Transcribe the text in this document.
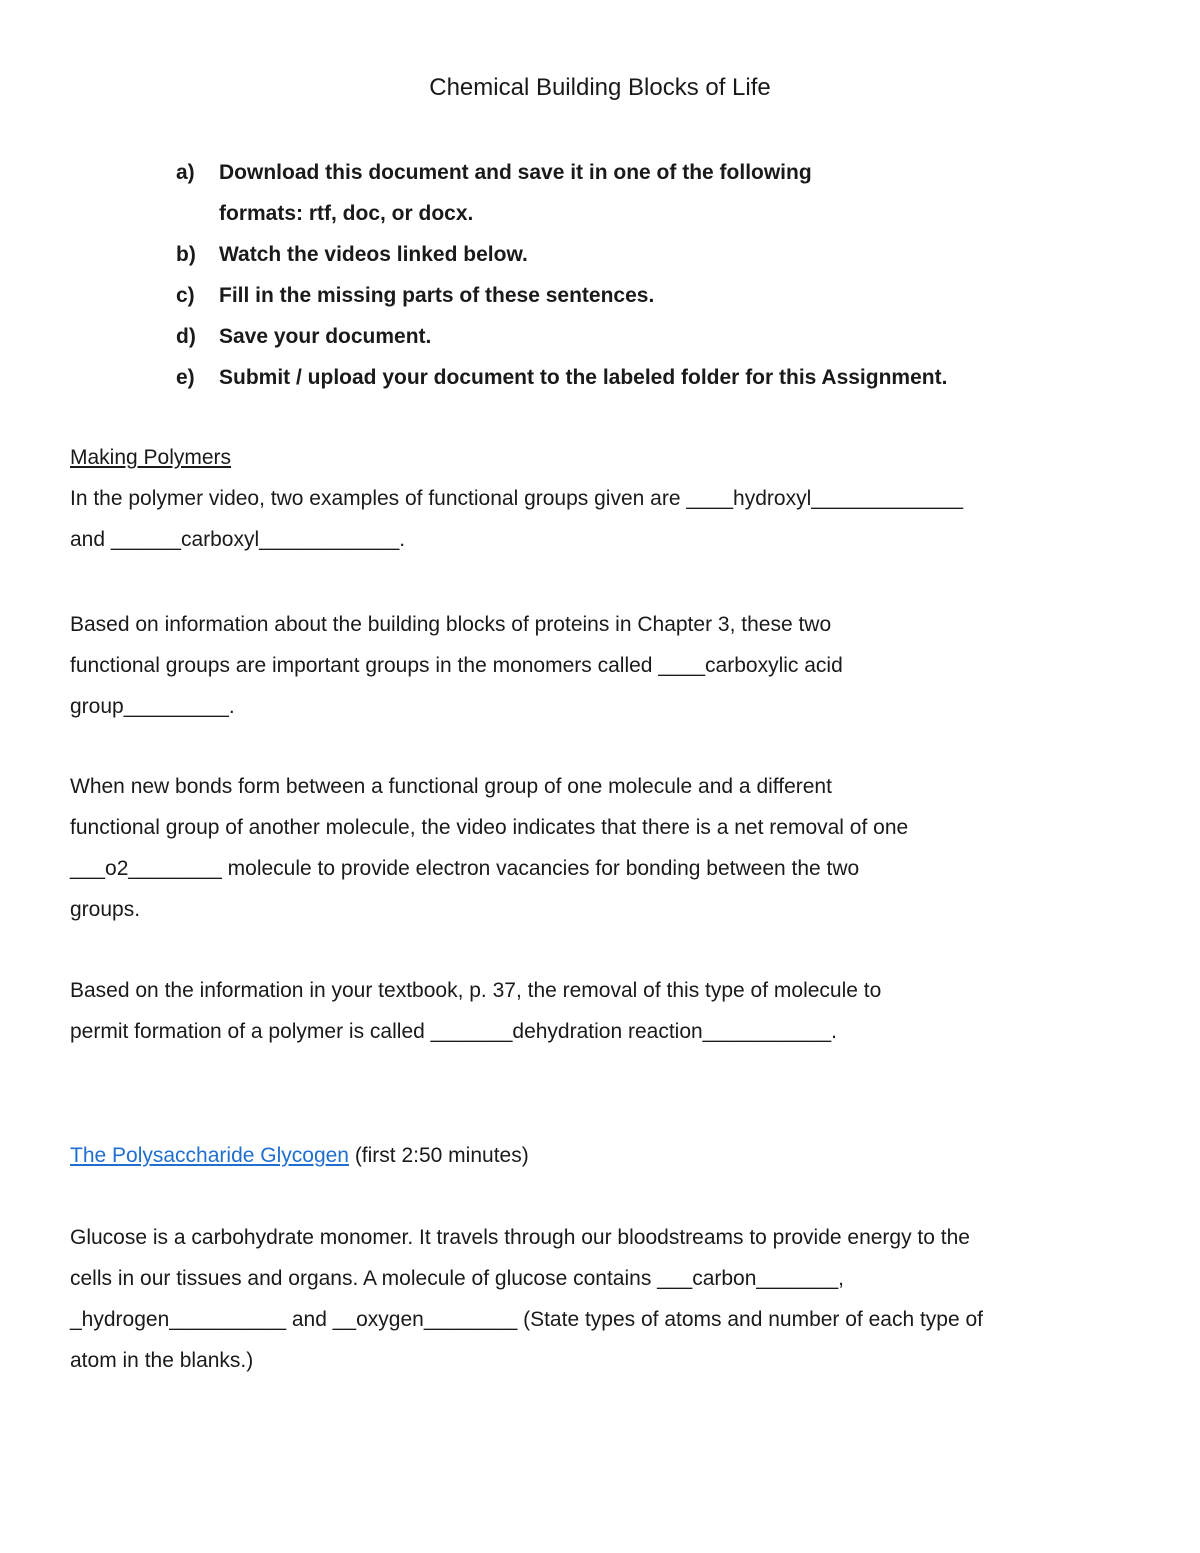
Chemical Building Blocks of Life
a) Download this document and save it in one of the following
formats: rtf, doc, or docx.
b) Watch the videos linked below.
c) Fill in the missing parts of these sentences.
d) Save your document.
e) Submit / upload your document to the labeled folder for this Assignment.
Making Polymers
In the polymer video, two examples of functional groups given are ____hydroxyl_____________
and ______carboxyl____________.
Based on information about the building blocks of proteins in Chapter 3, these two
functional groups are important groups in the monomers called ____carboxylic acid
group_________.
When new bonds form between a functional group of one molecule and a different
functional group of another molecule, the video indicates that there is a net removal of one
___o2________ molecule to provide electron vacancies for bonding between the two
groups.
Based on the information in your textbook, p. 37, the removal of this type of molecule to
permit formation of a polymer is called _______dehydration reaction___________.
The Polysaccharide Glycogen (first 2:50 minutes)
Glucose is a carbohydrate monomer. It travels through our bloodstreams to provide energy to the
cells in our tissues and organs. A molecule of glucose contains ___carbon_______,
_hydrogen__________ and __oxygen________ (State types of atoms and number of each type of
atom in the blanks.)
